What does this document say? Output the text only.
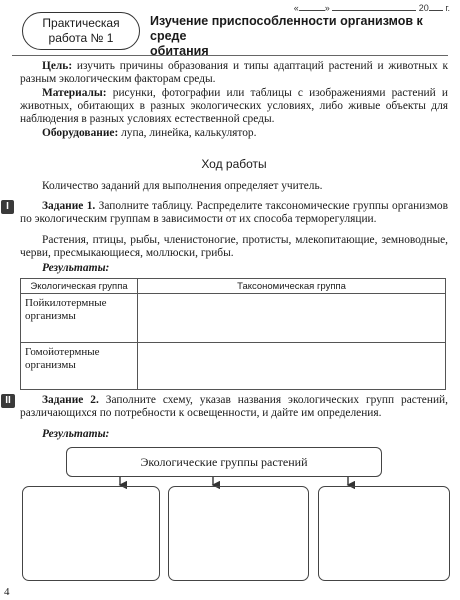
«	»	20 г.
Практическая
работа № 1
Изучение приспособленности организмов к среде
обитания
Цель: изучить причины образования и типы адаптаций растений и животных к разным экологическим факторам среды.
Материалы: рисунки, фотографии или таблицы с изображениями растений и животных, обитающих в разных экологических условиях, либо живые объекты для наблюдения в разных условиях естественной среды.
Оборудование: лупа, линейка, калькулятор.
Ход работы
Количество заданий для выполнения определяет учитель.
I	Задание 1. Заполните таблицу. Распределите таксономические группы организмов по экологическим группам в зависимости от их способа терморегуляции.
Растения, птицы, рыбы, членистоногие, протисты, млекопитающие, земноводные, черви, пресмыкающиеся, моллюски, грибы.
Результаты:
Экологическая группа	Таксономическая группа
Пойкилотермные организмы	
Гомойотермные организмы	
II	Задание 2. Заполните схему, указав названия экологических групп растений, различающихся по потребности к освещенности, и дайте им определения.
Результаты:
Экологические группы растений
4
